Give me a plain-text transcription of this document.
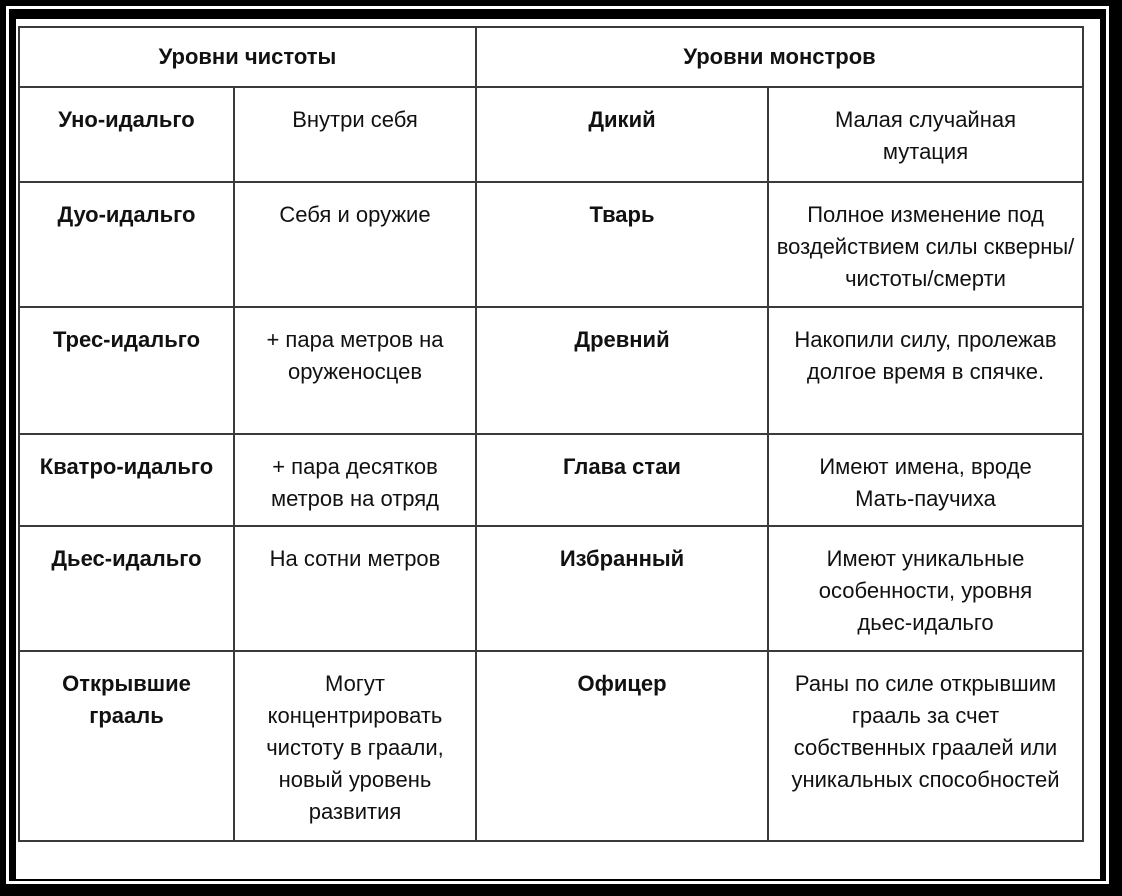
Уровни чистоты		Уровни монстров	
Уно-идальго	Внутри себя	Дикий	Малая случайная мутация
Дуо-идальго	Себя и оружие	Тварь	Полное изменение под воздействием силы скверны/чистоты/смерти
Трес-идальго	+ пара метров на оруженосцев	Древний	Накопили силу, пролежав долгое время в спячке.
Кватро-идальго	+ пара десятков метров на отряд	Глава стаи	Имеют имена, вроде Мать-паучиха
Дьес-идальго	На сотни метров	Избранный	Имеют уникальные особенности, уровня дьес-идальго
Открывшие грааль	Могут концентрировать чистоту в граали, новый уровень развития	Офицер	Раны по силе открывшим грааль за счет собственных граалей или уникальных способностей
